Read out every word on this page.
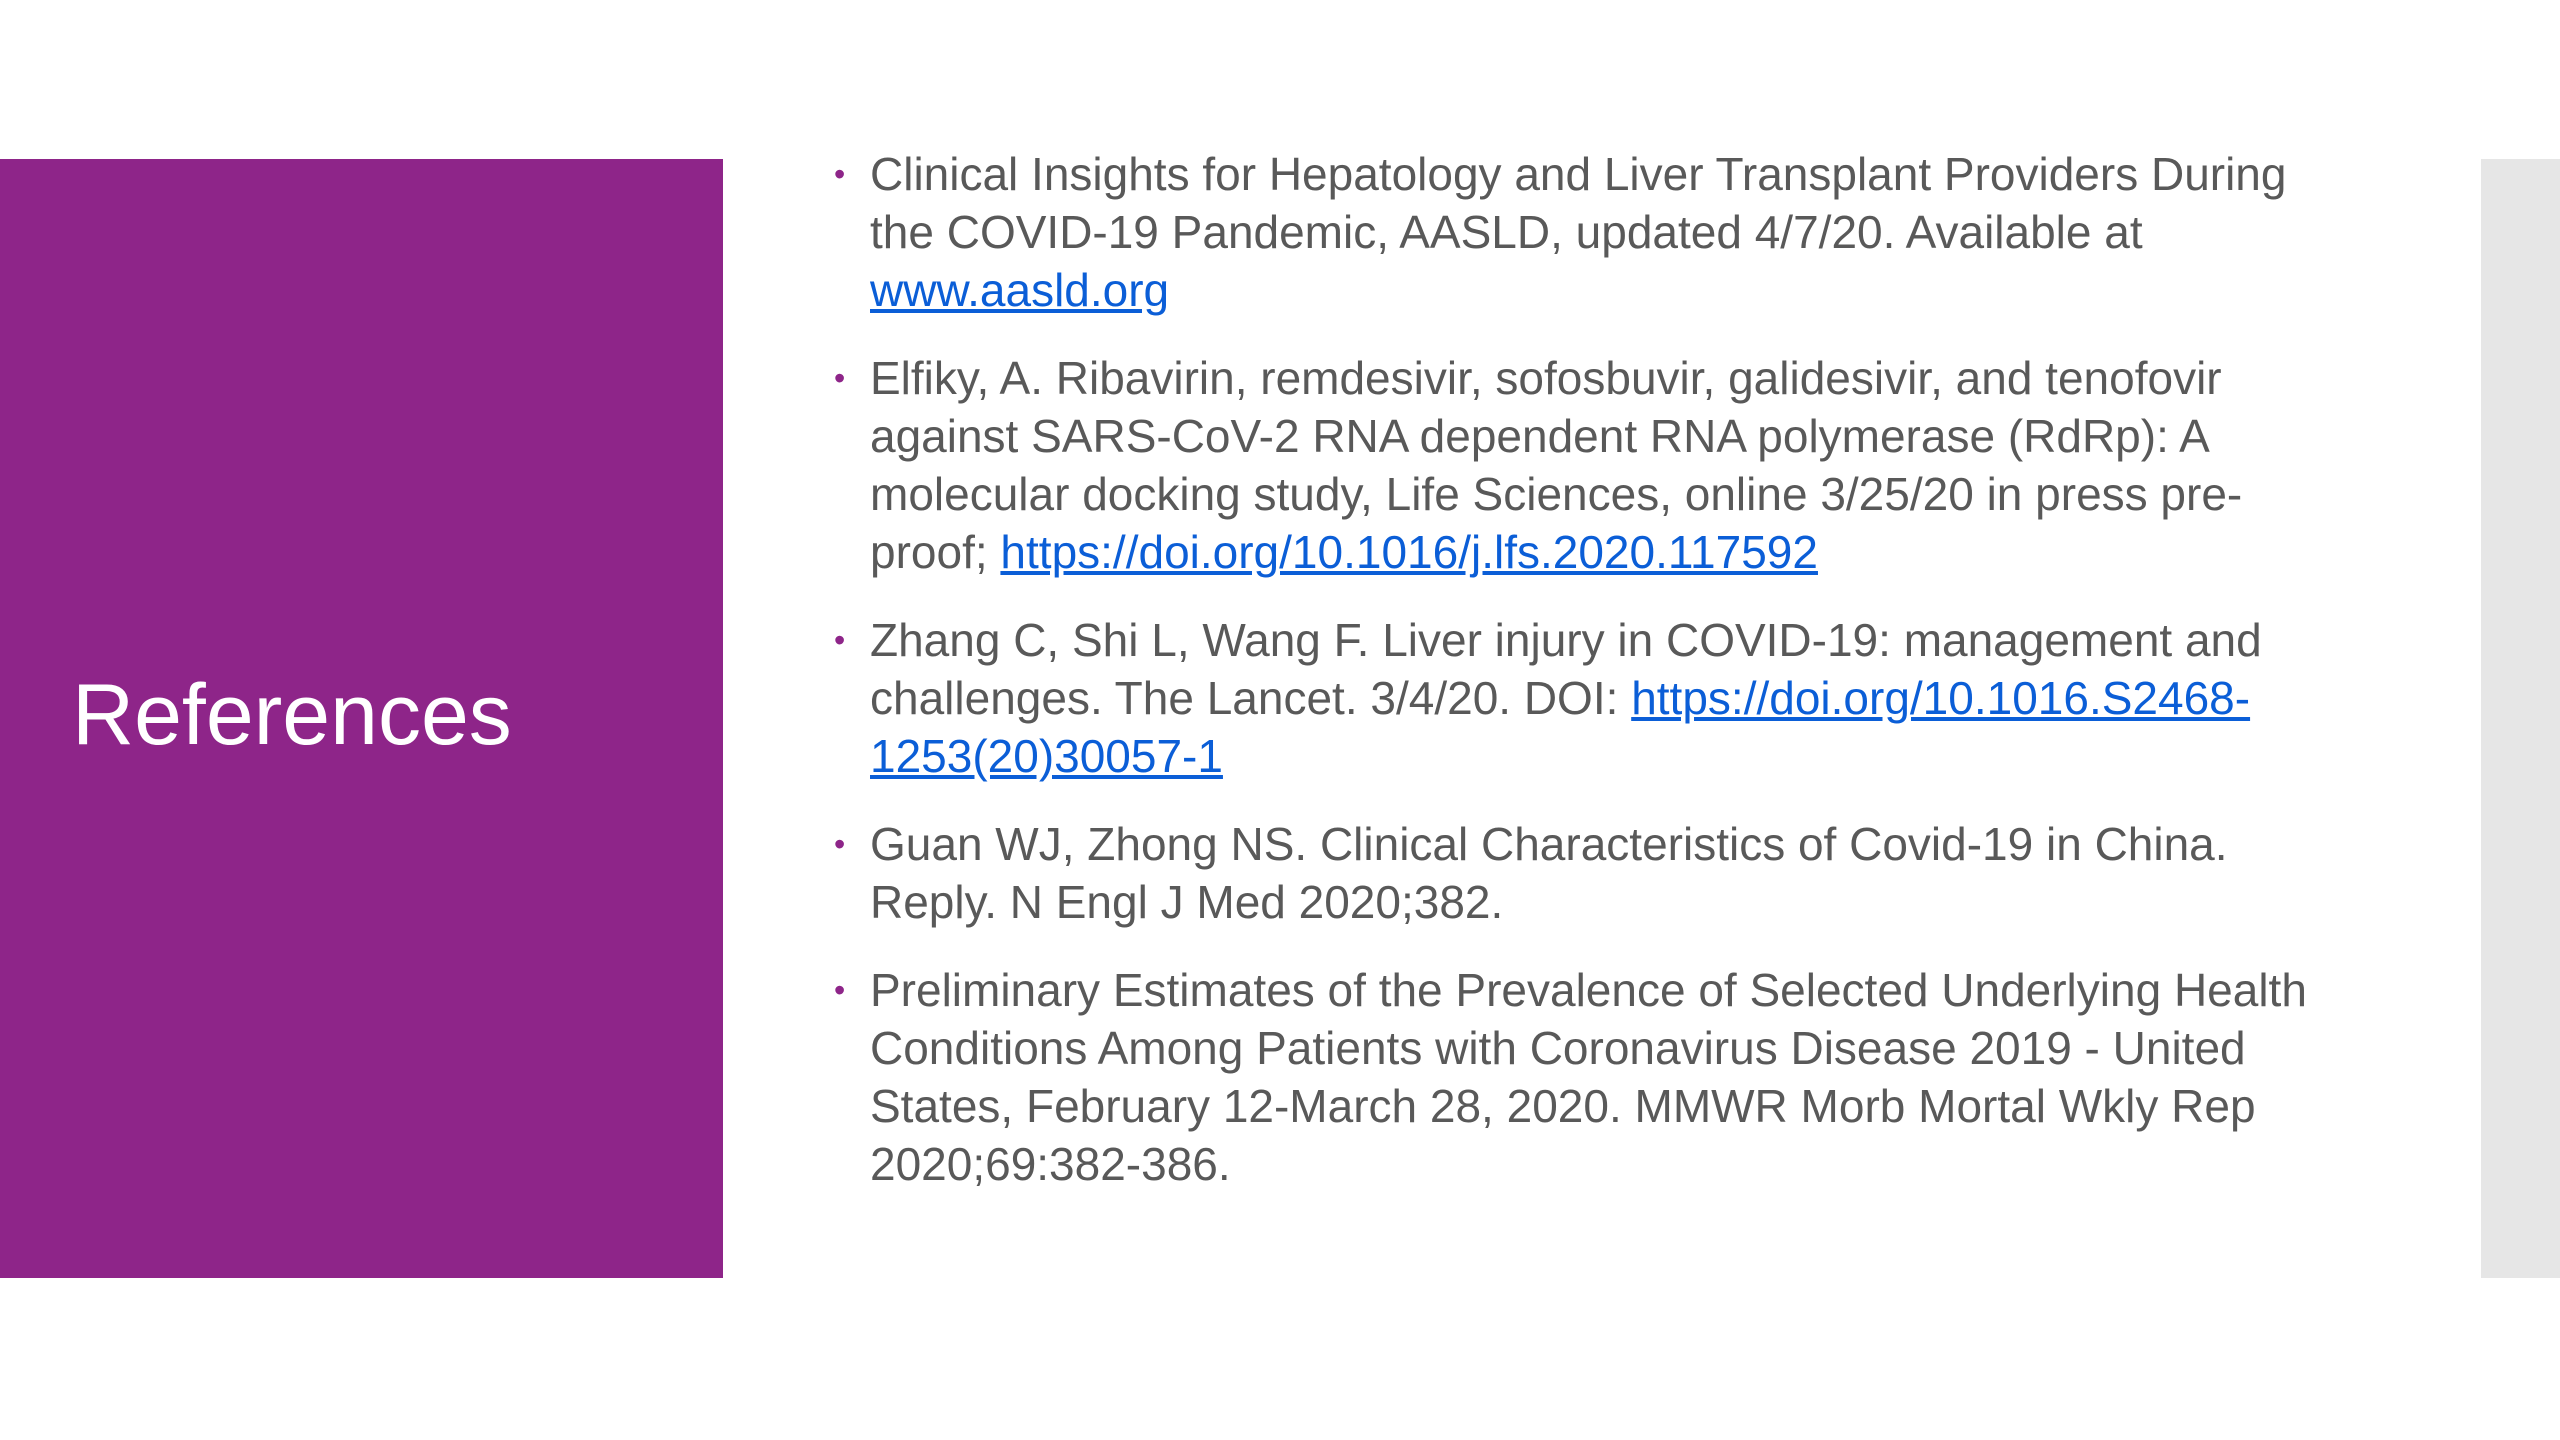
References
• Clinical Insights for Hepatology and Liver Transplant Providers During the COVID-19 Pandemic, AASLD, updated 4/7/20. Available at www.aasld.org
• Elfiky, A. Ribavirin, remdesivir, sofosbuvir, galidesivir, and tenofovir against SARS-CoV-2 RNA dependent RNA polymerase (RdRp): A molecular docking study, Life Sciences, online 3/25/20 in press pre-proof; https://doi.org/10.1016/j.lfs.2020.117592
• Zhang C, Shi L, Wang F. Liver injury in COVID-19: management and challenges. The Lancet. 3/4/20. DOI: https://doi.org/10.1016.S2468-1253(20)30057-1
• Guan WJ, Zhong NS. Clinical Characteristics of Covid-19 in China. Reply. N Engl J Med 2020;382.
• Preliminary Estimates of the Prevalence of Selected Underlying Health Conditions Among Patients with Coronavirus Disease 2019 - United States, February 12-March 28, 2020. MMWR Morb Mortal Wkly Rep 2020;69:382-386.
